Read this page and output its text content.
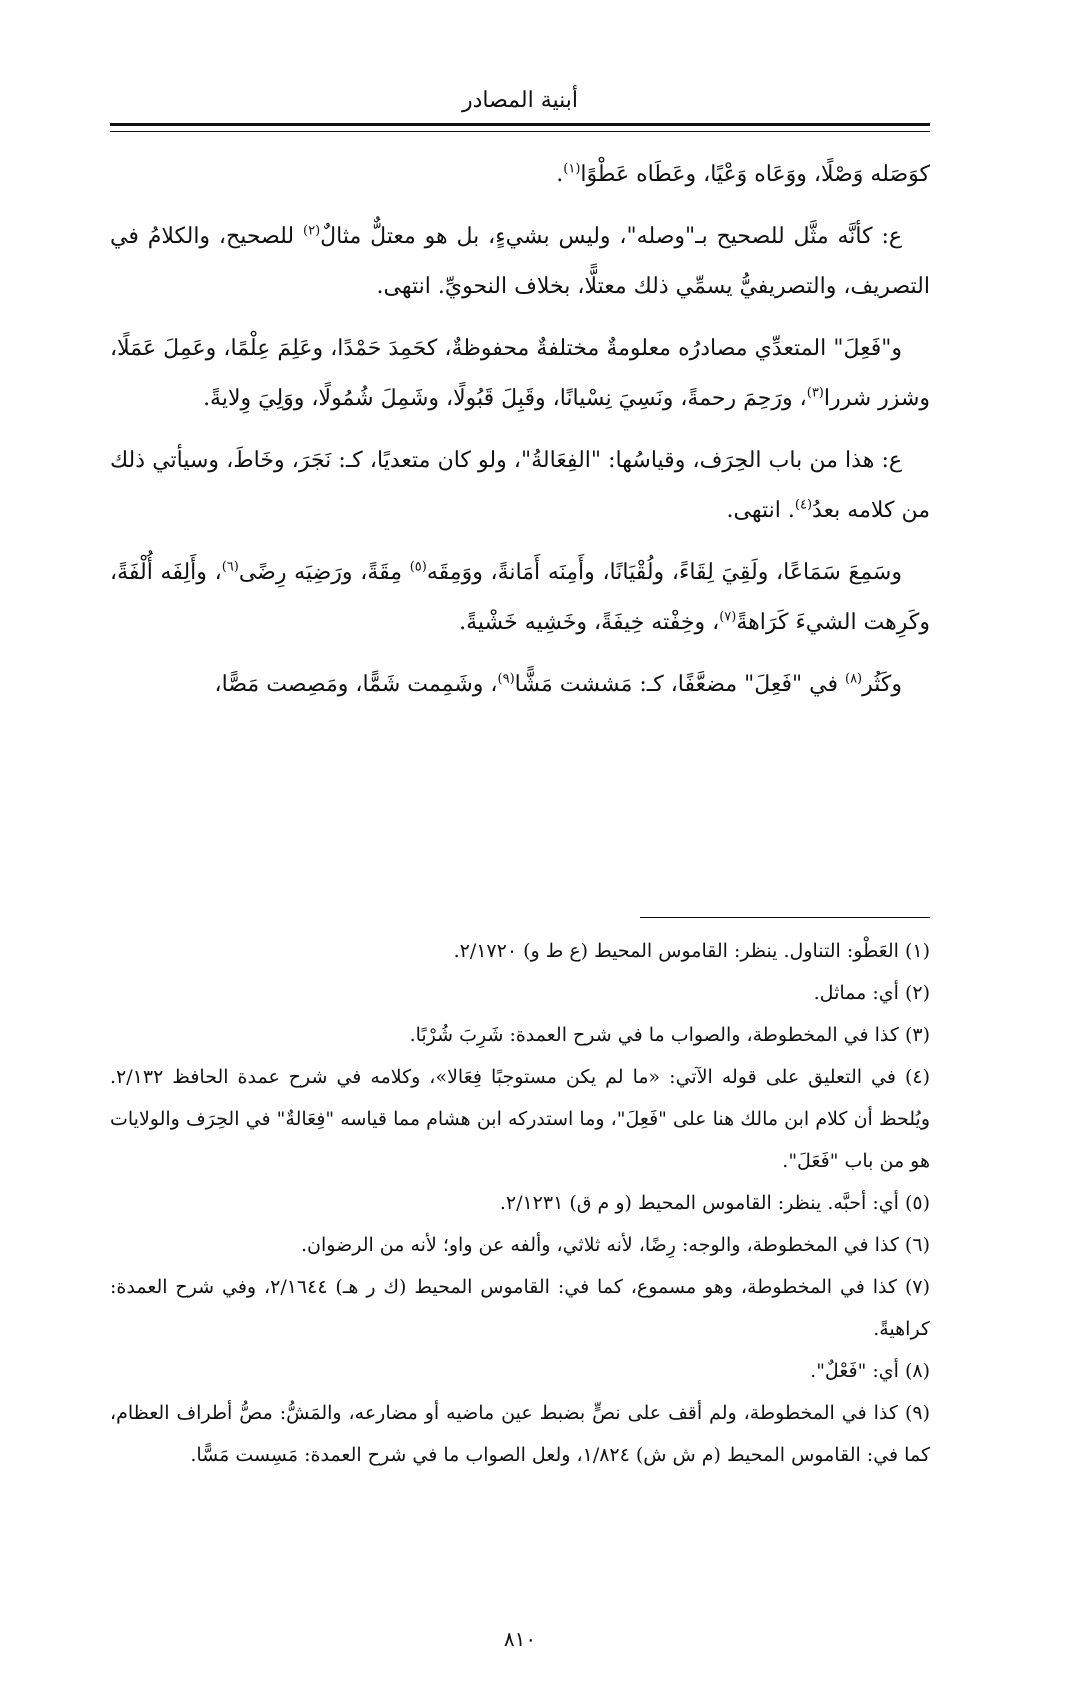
أبنية المصادر

كوَصَله وَصْلًا، ووَعَاه وَعْيًا، وعَطَاه عَطْوًا$^{(١)}$.

ع: كأنَّه مثَّل للصحيح بـ"وصله"، وليس بشيءٍ، بل هو معتلٌّ مثالٌ$^{(٢)}$ للصحيح، والكلامُ في التصريف، والتصريفيُّ يسمِّي ذلك معتلًّا، بخلاف النحويِّ. انتهى.

و"فَعِلَ" المتعدِّي مصادرُه معلومةٌ مختلفةٌ محفوظةٌ، كحَمِدَ حَمْدًا، وعَلِمَ عِلْمًا، وعَمِلَ عَمَلًا، وشزر شررا$^{(٣)}$، ورَحِمَ رحمةً، ونَسِيَ نِسْيانًا، وقَبِلَ قَبُولًا، وشَمِلَ شُمُولًا، ووَلِيَ وِلايةً.

ع: هذا من باب الحِرَف، وقياسُها: "الفِعَالةُ"، ولو كان متعديًا، كـ: نَجَرَ، وخَاطَ، وسيأتي ذلك من كلامه بعدُ$^{(٤)}$. انتهى.

وسَمِعَ سَمَاعًا، ولَقِيَ لِقَاءً، ولُقْيَانًا، وأَمِنَه أَمَانةً، ووَمِقَه$^{(٥)}$ مِقَةً، ورَضِيَه رِضًى$^{(٦)}$، وأَلِفَه أُلْفَةً، وكَرِهت الشيءَ كَرَاهةً$^{(٧)}$، وخِفْته خِيفَةً، وخَشِيه خَشْيةً.

وكَثُر$^{(٨)}$ في "فَعِلَ" مضعَّفًا، كـ: مَششت مَشًّا$^{(٩)}$، وشَمِمت شَمًّا، ومَصِصت مَصًّا،

(١) العَطْو: التناول. ينظر: القاموس المحيط (ع ط و) ٢/١٧٢٠.

(٢) أي: مماثل.

(٣) كذا في المخطوطة، والصواب ما في شرح العمدة: شَرِبَ شُرْبًا.

(٤) في التعليق على قوله الآتي: «ما لم يكن مستوجبًا فِعَالا»، وكلامه في شرح عمدة الحافظ ٢/١٣٢. ويُلحظ أن كلام ابن مالك هنا على "فَعِلَ"، وما استدركه ابن هشام مما قياسه "فِعَالةٌ" في الحِرَف والولايات هو من باب "فَعَلَ".

(٥) أي: أحبَّه. ينظر: القاموس المحيط (و م ق) ٢/١٢٣١.

(٦) كذا في المخطوطة، والوجه: رِضًا، لأنه ثلاثي، وألفه عن واو؛ لأنه من الرضوان.

(٧) كذا في المخطوطة، وهو مسموع، كما في: القاموس المحيط (ك ر هـ) ٢/١٦٤٤، وفي شرح العمدة: كراهيةً.

(٨) أي: "فَعْلٌ".

(٩) كذا في المخطوطة، ولم أقف على نصٍّ بضبط عين ماضيه أو مضارعه، والمَشُّ: مصُّ أطراف العظام، كما في: القاموس المحيط (م ش ش) ١/٨٢٤، ولعل الصواب ما في شرح العمدة: مَسِست مَسًّا.

٨١٠
